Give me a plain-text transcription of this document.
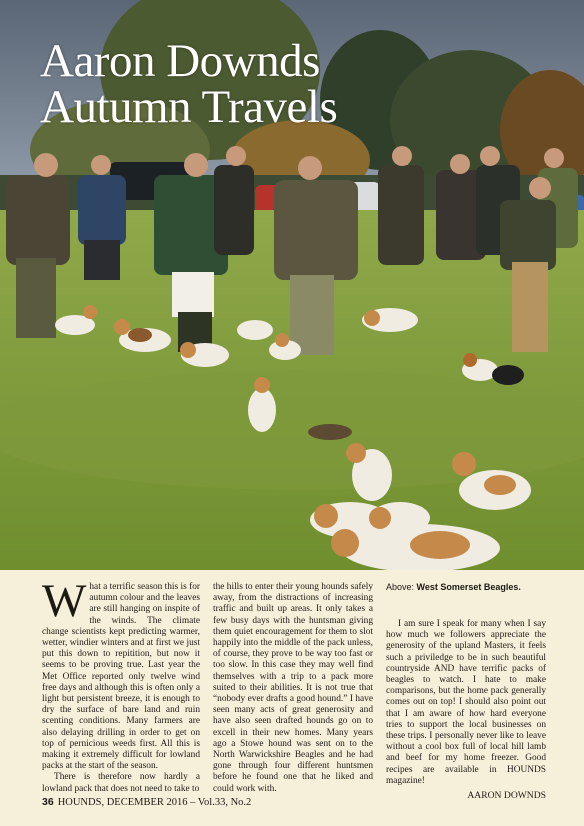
Aaron Downds
Autumn Travels

What a terrific season this is for autumn colour and the leaves are still hanging on inspite of the winds. The climate change scientists kept predicting warmer, wetter, windier winters and at first we just put this down to repitition, but now it seems to be proving true. Last year the Met Office reported only twelve wind free days and although this is often only a light but persistent breeze, it is enough to dry the surface of bare land and ruin scenting conditions. Many farmers are also delaying drilling in order to get on top of pernicious weeds first. All this is making it extremely difficult for lowland packs at the start of the season.

There is therefore now hardly a lowland pack that does not need to take to

the hills to enter their young hounds safely away, from the distractions of increasing traffic and built up areas. It only takes a few busy days with the huntsman giving them quiet encouragement for them to slot happily into the middle of the pack unless, of course, they prove to be way too fast or too slow. In this case they may well find themselves with a trip to a pack more suited to their abilities. It is not true that “nobody ever drafts a good hound.” I have seen many acts of great generosity and have also seen drafted hounds go on to excell in their new homes. Many years ago a Stowe hound was sent on to the North Warwickshire Beagles and he had gone through four different huntsmen before he found one that he liked and could work with.

Above: West Somerset Beagles.

I am sure I speak for many when I say how much we followers appreciate the generosity of the upland Masters, it feels such a priviledge to be in such beautiful countryside AND have terrific packs of beagles to watch. I hate to make comparisons, but the home pack generally comes out on top! I should also point out that I am aware of how hard everyone tries to support the local businesses on these trips. I personally never like to leave without a cool box full of local hill lamb and beef for my home freezer. Good recipes are available in HOUNDS magazine!

AARON DOWNDS

36 HOUNDS, DECEMBER 2016 – Vol.33, No.2
